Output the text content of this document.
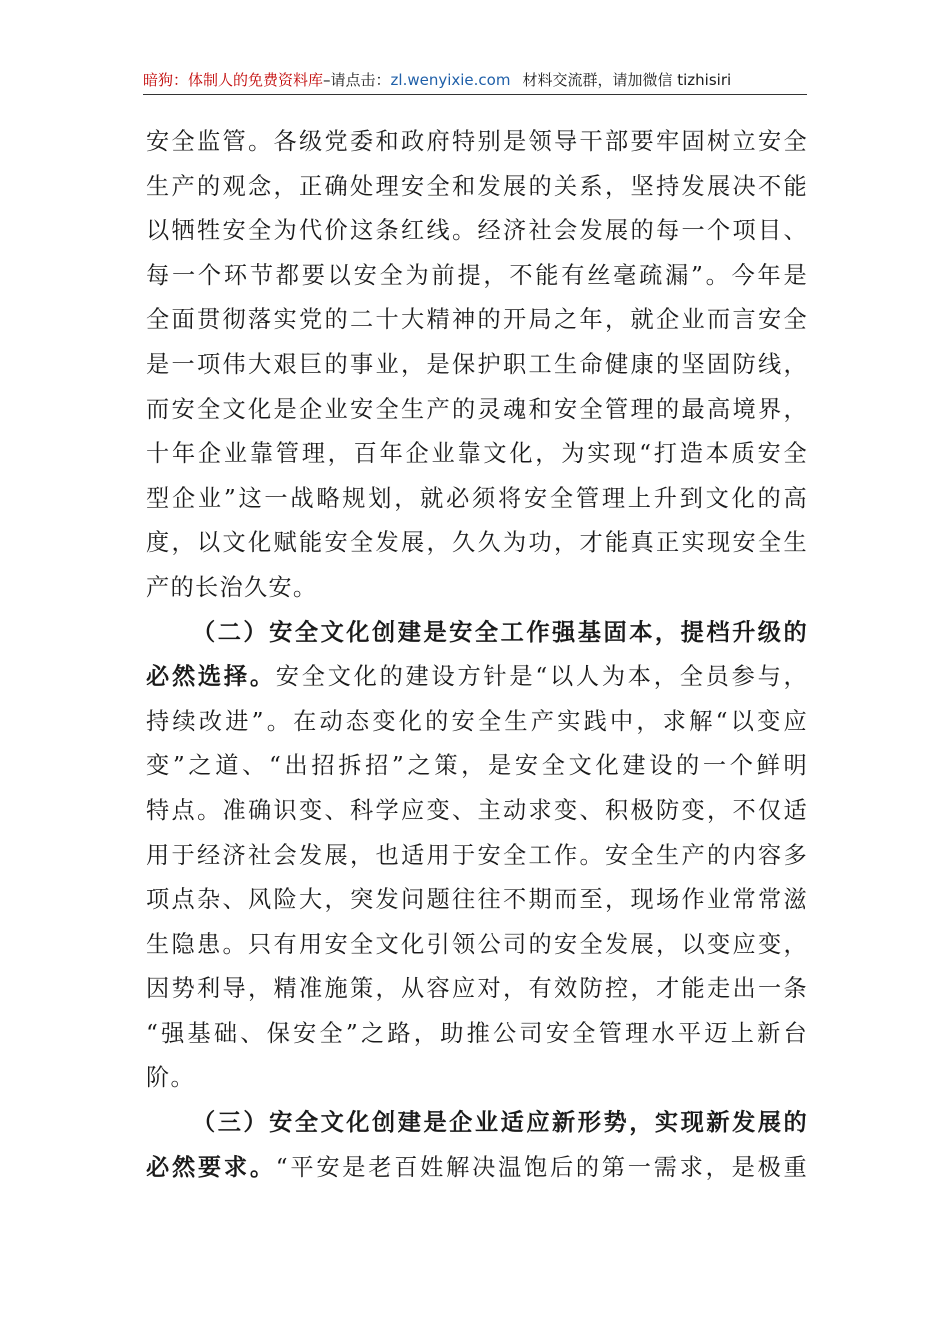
暗狗：体制人的免费资料库–请点击：zl.wenyixie.com 材料交流群，请加微信 tizhisiri
安全监管。各级党委和政府特别是领导干部要牢固树立安全
生产的观念，正确处理安全和发展的关系，坚持发展决不能
以牺牲安全为代价这条红线。经济社会发展的每一个项目、
每一个环节都要以安全为前提，不能有丝毫疏漏”。今年是
全面贯彻落实党的二十大精神的开局之年，就企业而言安全
是一项伟大艰巨的事业，是保护职工生命健康的坚固防线，
而安全文化是企业安全生产的灵魂和安全管理的最高境界，
十年企业靠管理，百年企业靠文化，为实现“打造本质安全
型企业”这一战略规划，就必须将安全管理上升到文化的高
度，以文化赋能安全发展，久久为功，才能真正实现安全生
产的长治久安。
（二）安全文化创建是安全工作强基固本，提档升级的
必然选择。安全文化的建设方针是“以人为本，全员参与，
持续改进”。在动态变化的安全生产实践中，求解“以变应
变”之道、“出招拆招”之策，是安全文化建设的一个鲜明
特点。准确识变、科学应变、主动求变、积极防变，不仅适
用于经济社会发展，也适用于安全工作。安全生产的内容多
项点杂、风险大，突发问题往往不期而至，现场作业常常滋
生隐患。只有用安全文化引领公司的安全发展，以变应变，
因势利导，精准施策，从容应对，有效防控，才能走出一条
“强基础、保安全”之路，助推公司安全管理水平迈上新台
阶。
（三）安全文化创建是企业适应新形势，实现新发展的
必然要求。“平安是老百姓解决温饱后的第一需求，是极重
